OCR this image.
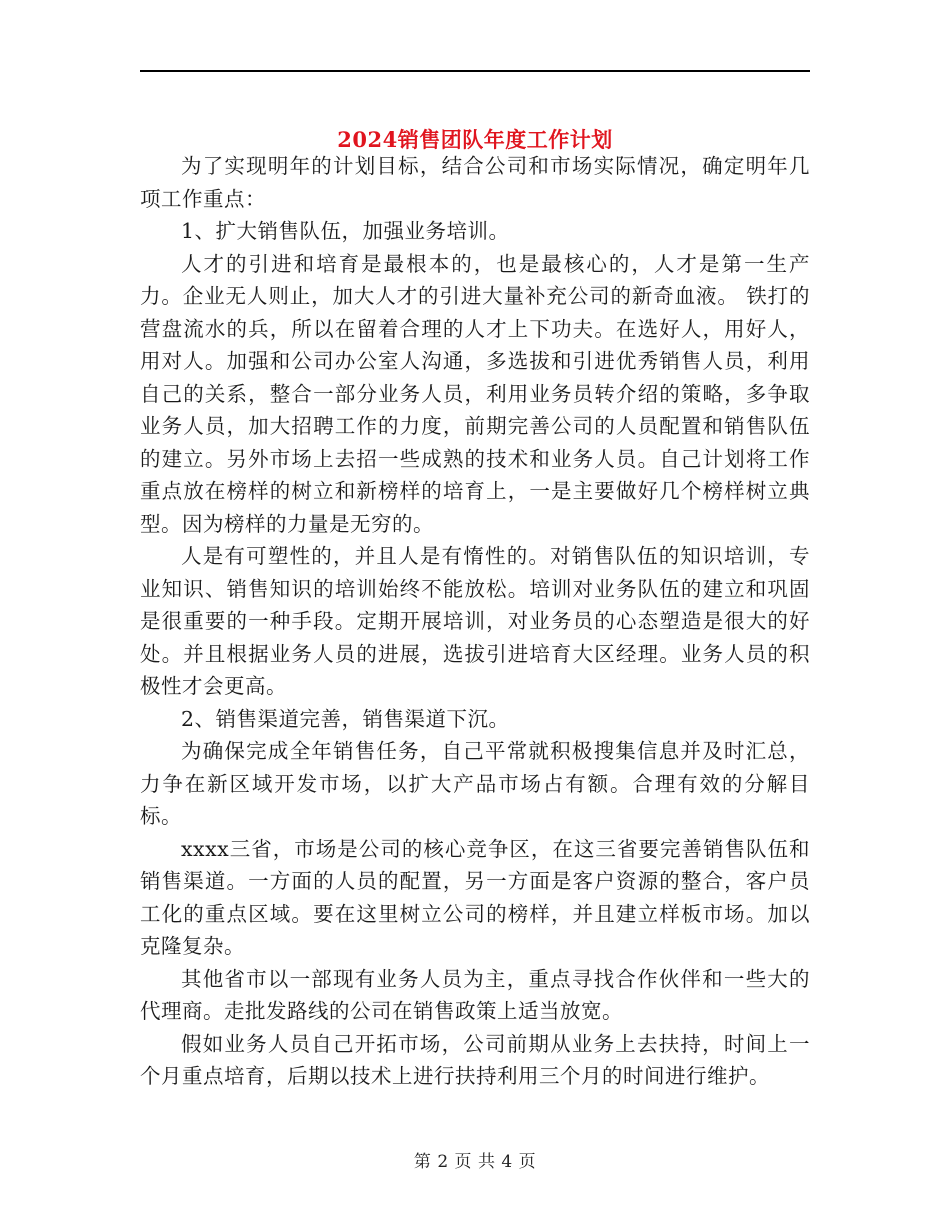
2024销售团队年度工作计划

为了实现明年的计划目标，结合公司和市场实际情况，确定明年几项工作重点：

1、扩大销售队伍，加强业务培训。

人才的引进和培育是最根本的，也是最核心的，人才是第一生产力。企业无人则止，加大人才的引进大量补充公司的新奇血液。 铁打的营盘流水的兵，所以在留着合理的人才上下功夫。在选好人，用好人，用对人。加强和公司办公室人沟通，多选拔和引进优秀销售人员，利用自己的关系，整合一部分业务人员，利用业务员转介绍的策略，多争取业务人员，加大招聘工作的力度，前期完善公司的人员配置和销售队伍的建立。另外市场上去招一些成熟的技术和业务人员。自己计划将工作重点放在榜样的树立和新榜样的培育上，一是主要做好几个榜样树立典型。因为榜样的力量是无穷的。

人是有可塑性的，并且人是有惰性的。对销售队伍的知识培训，专业知识、销售知识的培训始终不能放松。培训对业务队伍的建立和巩固是很重要的一种手段。定期开展培训，对业务员的心态塑造是很大的好处。并且根据业务人员的进展，选拔引进培育大区经理。业务人员的积极性才会更高。

2、销售渠道完善，销售渠道下沉。

为确保完成全年销售任务，自己平常就积极搜集信息并及时汇总，力争在新区域开发市场，以扩大产品市场占有额。合理有效的分解目标。

xxxx三省，市场是公司的核心竞争区，在这三省要完善销售队伍和销售渠道。一方面的人员的配置，另一方面是客户资源的整合，客户员工化的重点区域。要在这里树立公司的榜样，并且建立样板市场。加以克隆复杂。

其他省市以一部现有业务人员为主，重点寻找合作伙伴和一些大的代理商。走批发路线的公司在销售政策上适当放宽。

假如业务人员自己开拓市场，公司前期从业务上去扶持，时间上一个月重点培育，后期以技术上进行扶持利用三个月的时间进行维护。

第 2 页 共 4 页
